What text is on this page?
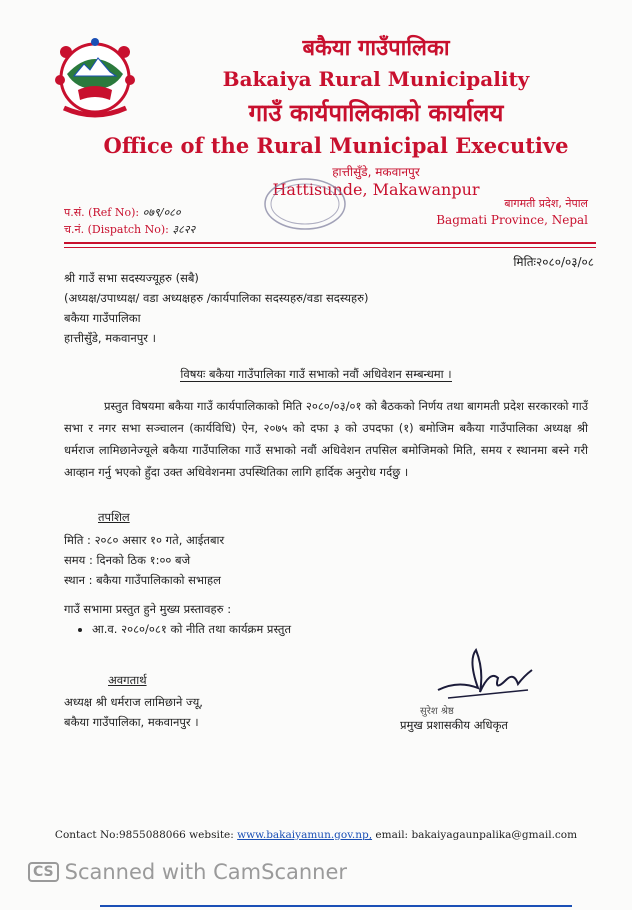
बकैया गाउँपालिका
Bakaiya Rural Municipality
गाउँ कार्यपालिकाको कार्यालय
Office of the Rural Municipal Executive
हात्तीसुँडे, मकवानपुर
Hattisunde, Makawanpur
प.सं. (Ref No): ०७९/०८०
च.नं. (Dispatch No): ३८२२
बागमती प्रदेश, नेपाल
Bagmati Province, Nepal
मितिः२०८०/०३/०८
श्री गाउँ सभा सदस्यज्यूहरु (सबै)
(अध्यक्ष/उपाध्यक्ष/ वडा अध्यक्षहरु /कार्यपालिका सदस्यहरु/वडा सदस्यहरु)
बकैया गाउँपालिका
हात्तीसुँडे, मकवानपुर ।
विषयः बकैया गाउँपालिका गाउँ सभाको नवौं अधिवेशन सम्बन्धमा ।
प्रस्तुत विषयमा बकैया गाउँ कार्यपालिकाको मिति २०८०/०३/०१ को बैठकको निर्णय तथा बागमती प्रदेश सरकारको गाउँ सभा र नगर सभा सञ्चालन (कार्यविधि) ऐन, २०७५ को दफा ३ को उपदफा (१) बमोजिम बकैया गाउँपालिका अध्यक्ष श्री धर्मराज लामिछानेज्यूले बकैया गाउँपालिका गाउँ सभाको नवौं अधिवेशन तपसिल बमोजिमको मिति, समय र स्थानमा बस्ने गरी आव्हान गर्नु भएको हुँदा उक्त अधिवेशनमा उपस्थितिका लागि हार्दिक अनुरोध गर्दछु ।
तपशिल
मिति : २०८० असार १० गते, आईतबार
समय : दिनको ठिक १:०० बजे
स्थान : बकैया गाउँपालिकाको सभाहल
गाउँ सभामा प्रस्तुत हुने मुख्य प्रस्तावहरु :
• आ.व. २०८०/०८१ को नीति तथा कार्यक्रम प्रस्तुत
अवगतार्थ
अध्यक्ष श्री धर्मराज लामिछाने ज्यू,
बकैया गाउँपालिका, मकवानपुर ।
सुरेश श्रेष्ठ
प्रमुख प्रशासकीय अधिकृत
Contact No:9855088066 website: www.bakaiyamun.gov.np, email: bakaiyagaunpalika@gmail.com
CS Scanned with CamScanner
